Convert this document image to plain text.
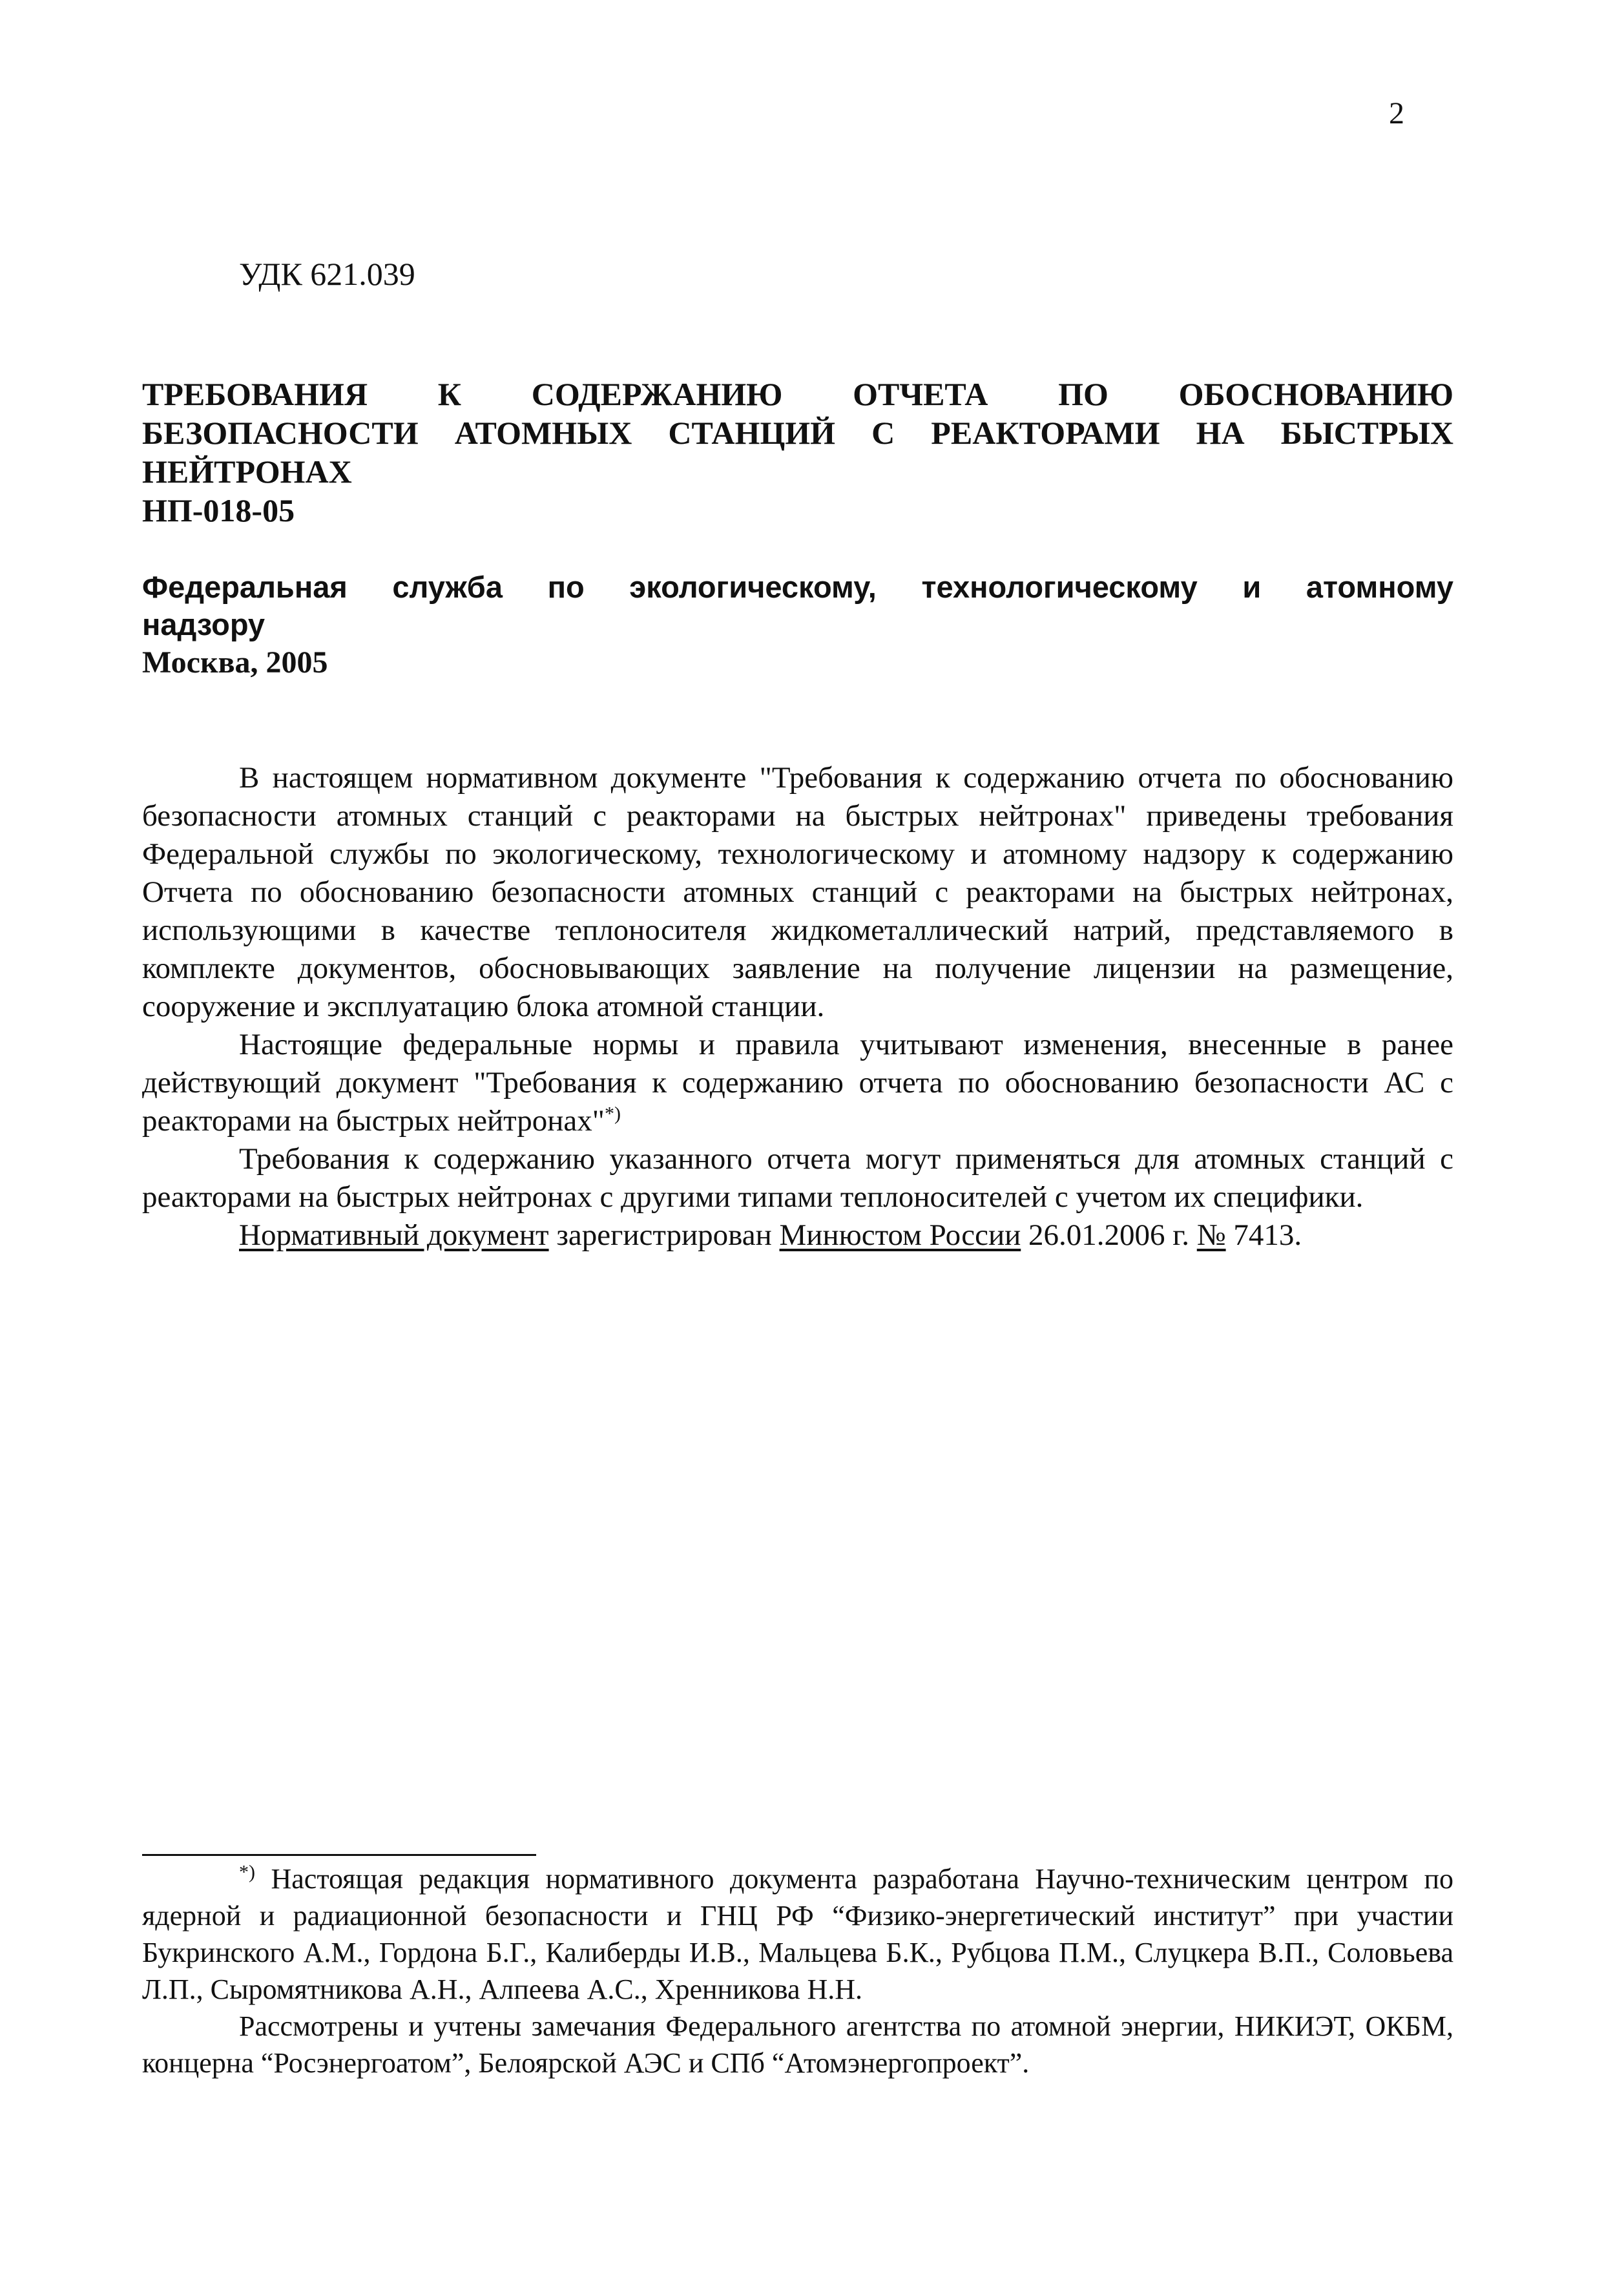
2
УДК 621.039
ТРЕБОВАНИЯ К СОДЕРЖАНИЮ ОТЧЕТА ПО ОБОСНОВАНИЮ
БЕЗОПАСНОСТИ АТОМНЫХ СТАНЦИЙ С РЕАКТОРАМИ НА БЫСТРЫХ
НЕЙТРОНАХ
НП-018-05
Федеральная служба по экологическому, технологическому и атомному
надзору
Москва, 2005

В настоящем нормативном документе "Требования к содержанию отчета по обоснованию безопасности атомных станций с реакторами на быстрых нейтронах" приведены требования Федеральной службы по экологическому, технологическому и атомному надзору к содержанию Отчета по обоснованию безопасности атомных станций с реакторами на быстрых нейтронах, использующими в качестве теплоносителя жидкометаллический натрий, представляемого в комплекте документов, обосновывающих заявление на получение лицензии на размещение, сооружение и эксплуатацию блока атомной станции.

Настоящие федеральные нормы и правила учитывают изменения, внесенные в ранее действующий документ "Требования к содержанию отчета по обоснованию безопасности АС с реакторами на быстрых нейтронах"*)

Требования к содержанию указанного отчета могут применяться для атомных станций с реакторами на быстрых нейтронах с другими типами теплоносителей с учетом их специфики.

Нормативный документ зарегистрирован Минюстом России 26.01.2006 г. № 7413.

*) Настоящая редакция нормативного документа разработана Научно-техническим центром по ядерной и радиационной безопасности и ГНЦ РФ “Физико-энергетический институт” при участии Букринского А.М., Гордона Б.Г., Калиберды И.В., Мальцева Б.К., Рубцова П.М., Слуцкера В.П., Соловьева Л.П., Сыромятникова А.Н., Алпеева А.С., Хренникова Н.Н.

Рассмотрены и учтены замечания Федерального агентства по атомной энергии, НИКИЭТ, ОКБМ, концерна “Росэнергоатом”, Белоярской АЭС и СПб “Атомэнергопроект”.
